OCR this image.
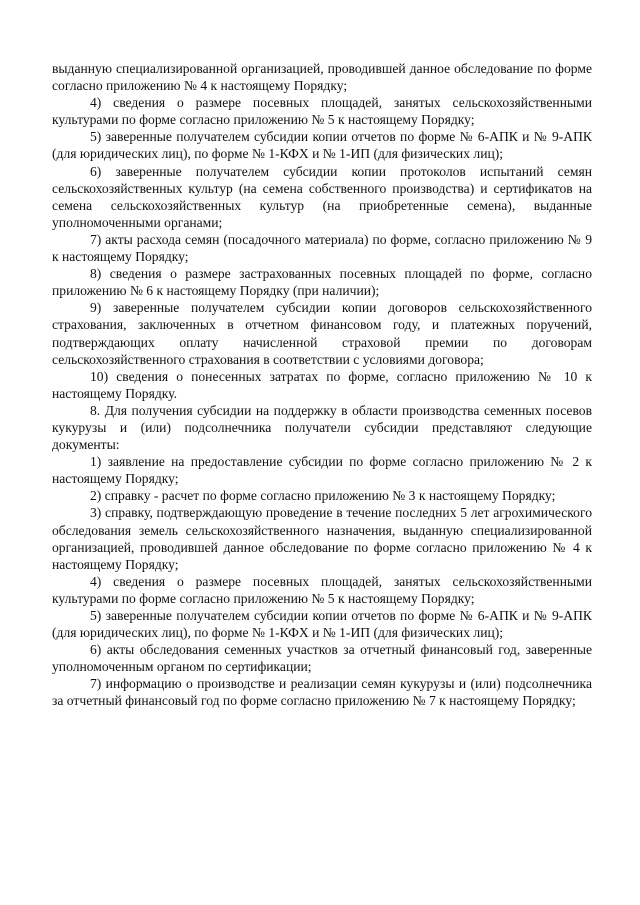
выданную специализированной организацией, проводившей данное обследование по форме согласно приложению № 4 к настоящему Порядку;

4) сведения о размере посевных площадей, занятых сельскохозяйственными культурами по форме согласно приложению № 5 к настоящему Порядку;

5) заверенные получателем субсидии копии отчетов по форме № 6-АПК и № 9-АПК (для юридических лиц), по форме № 1-КФХ и № 1-ИП (для физических лиц);

6) заверенные получателем субсидии копии протоколов испытаний семян сельскохозяйственных культур (на семена собственного производства) и сертификатов на семена сельскохозяйственных культур (на приобретенные семена), выданные уполномоченными органами;

7) акты расхода семян (посадочного материала) по форме, согласно приложению № 9 к настоящему Порядку;

8) сведения о размере застрахованных посевных площадей по форме, согласно приложению № 6 к настоящему Порядку (при наличии);

9) заверенные получателем субсидии копии договоров сельскохозяйственного страхования, заключенных в отчетном финансовом году, и платежных поручений, подтверждающих оплату начисленной страховой премии по договорам сельскохозяйственного страхования в соответствии с условиями договора;

10) сведения о понесенных затратах по форме, согласно приложению № 10 к настоящему Порядку.

8. Для получения субсидии на поддержку в области производства семенных посевов кукурузы и (или) подсолнечника получатели субсидии представляют следующие документы:

1) заявление на предоставление субсидии по форме согласно приложению № 2 к настоящему Порядку;

2) справку - расчет по форме согласно приложению № 3 к настоящему Порядку;

3) справку, подтверждающую проведение в течение последних 5 лет агрохимического обследования земель сельскохозяйственного назначения, выданную специализированной организацией, проводившей данное обследование по форме согласно приложению № 4 к настоящему Порядку;

4) сведения о размере посевных площадей, занятых сельскохозяйственными культурами по форме согласно приложению № 5 к настоящему Порядку;

5) заверенные получателем субсидии копии отчетов по форме № 6-АПК и № 9-АПК (для юридических лиц), по форме № 1-КФХ и № 1-ИП (для физических лиц);

6) акты обследования семенных участков за отчетный финансовый год, заверенные уполномоченным органом по сертификации;

7) информацию о производстве и реализации семян кукурузы и (или) подсолнечника за отчетный финансовый год по форме согласно приложению № 7 к настоящему Порядку;
